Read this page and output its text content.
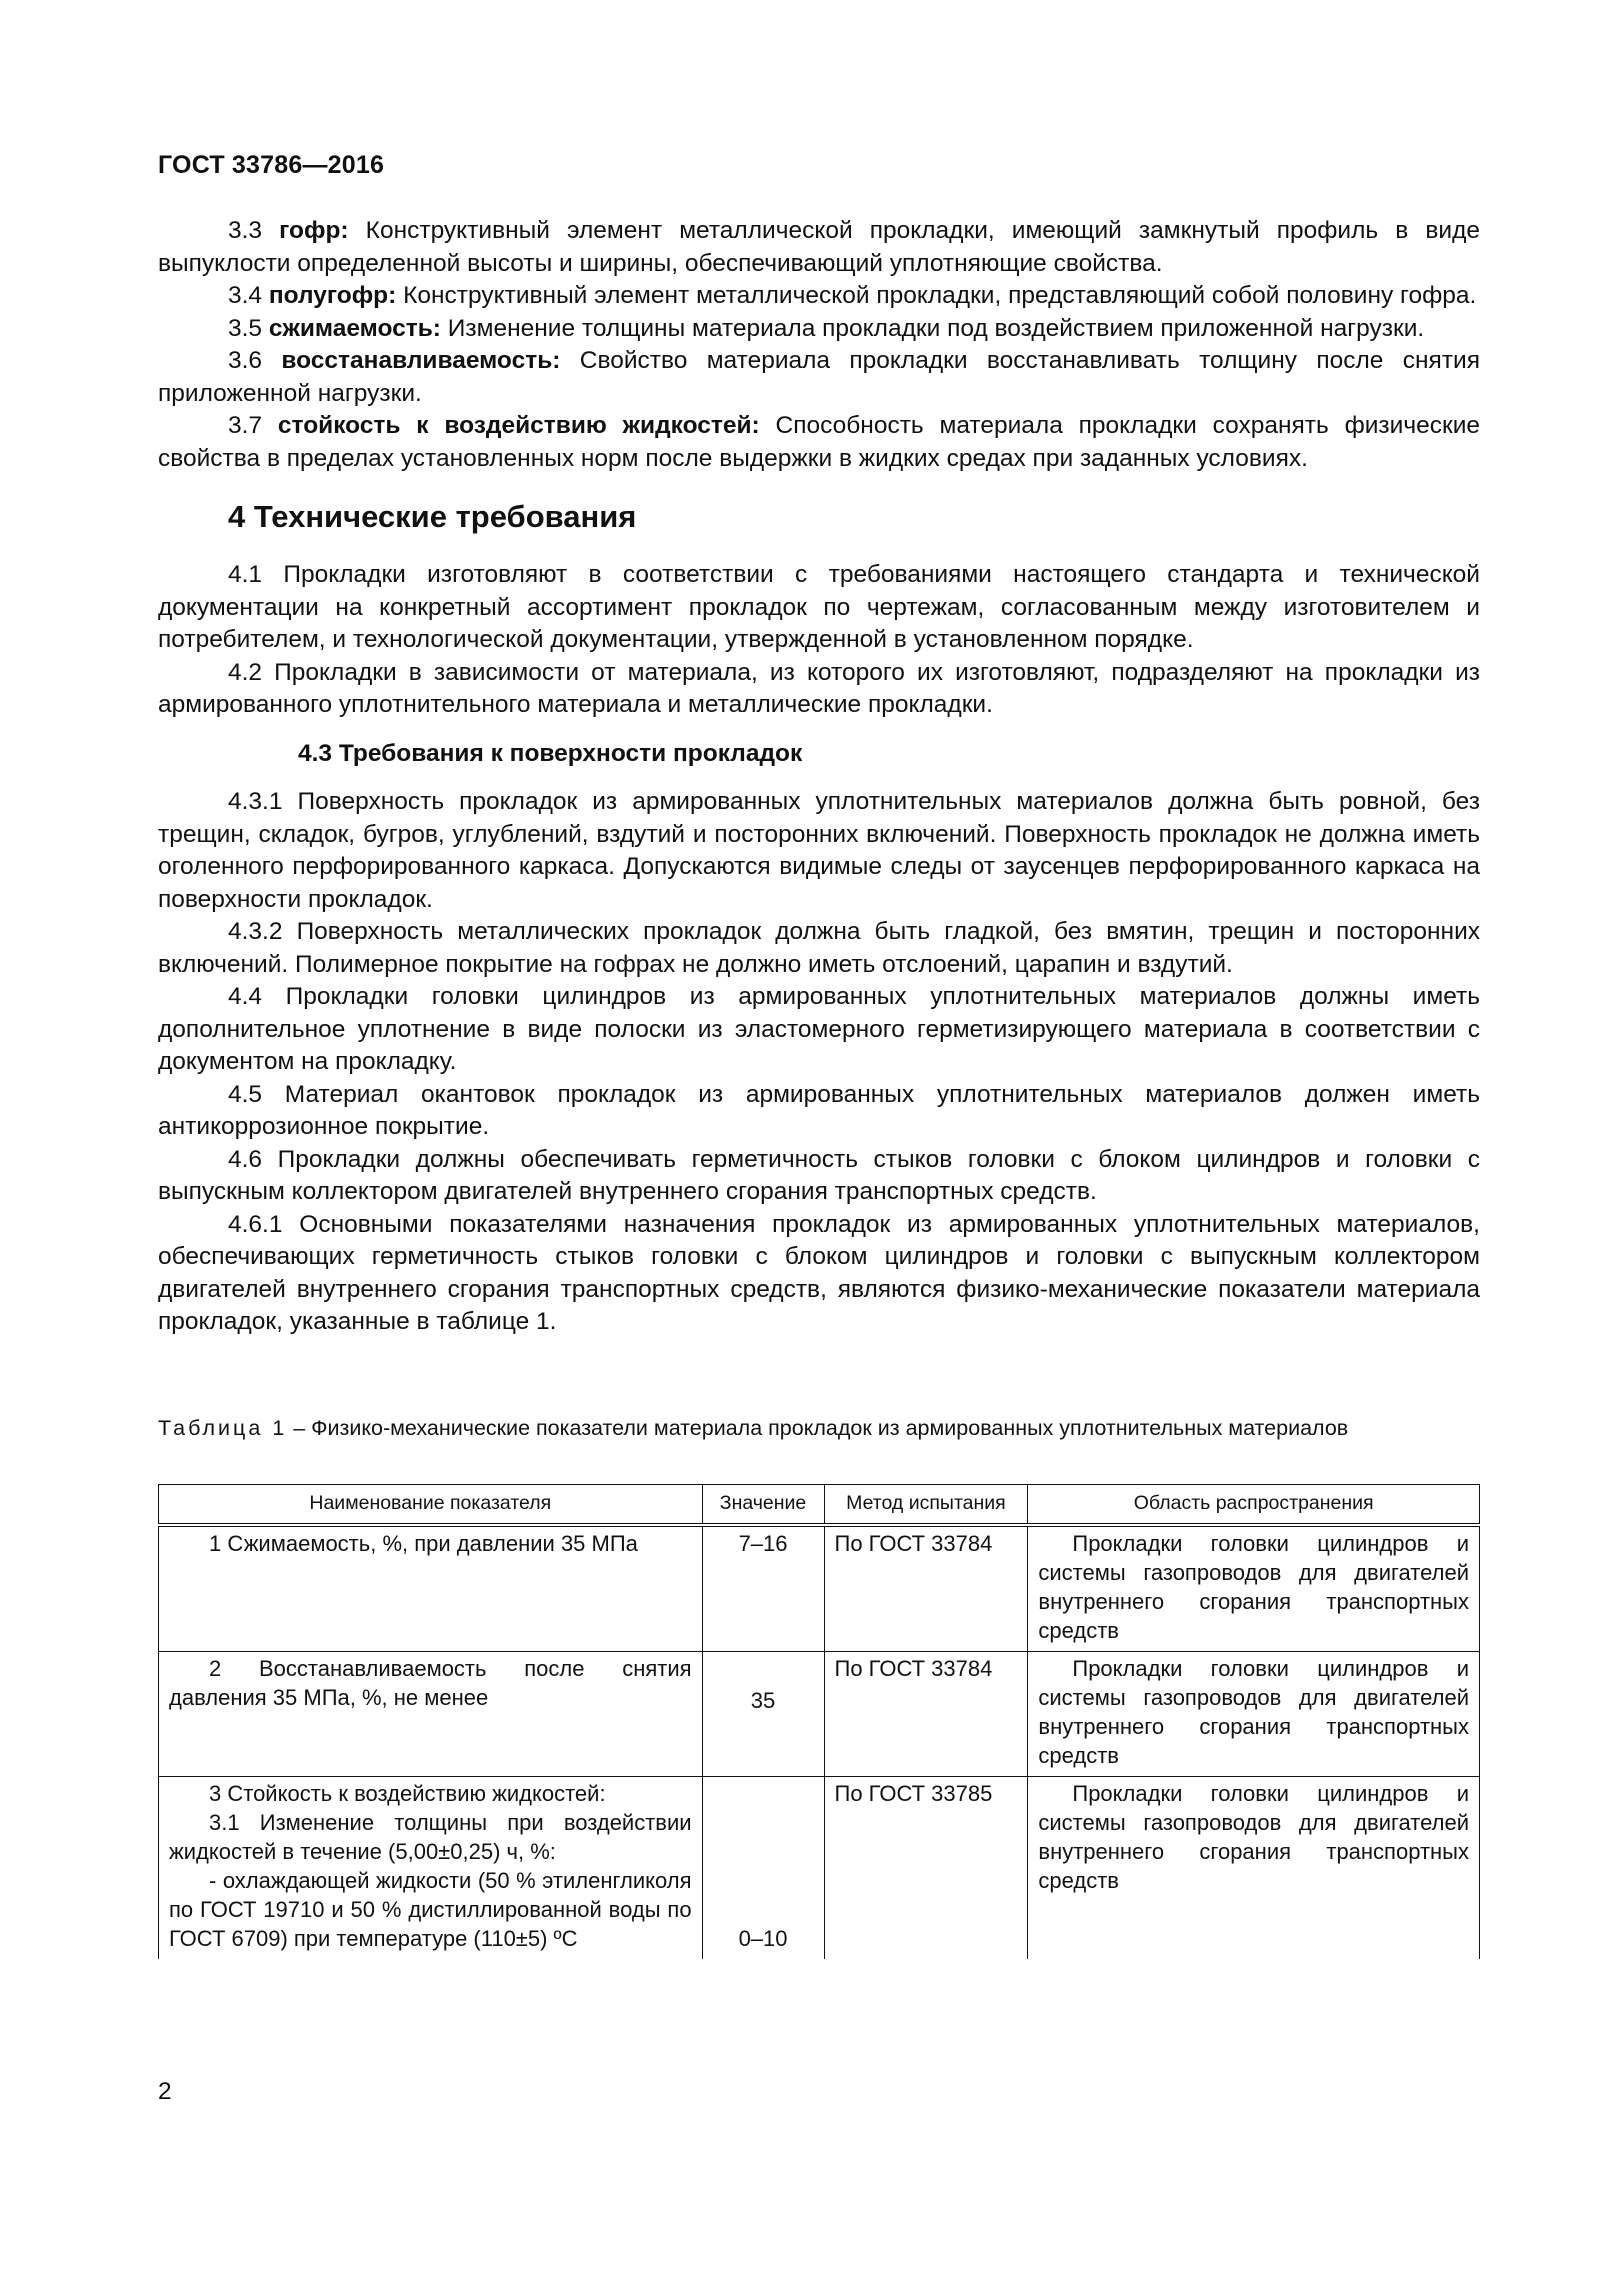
ГОСТ 33786—2016

3.3 гофр: Конструктивный элемент металлической прокладки, имеющий замкнутый профиль в виде выпуклости определенной высоты и ширины, обеспечивающий уплотняющие свойства.

3.4 полугофр: Конструктивный элемент металлической прокладки, представляющий собой половину гофра.

3.5 сжимаемость: Изменение толщины материала прокладки под воздействием приложенной нагрузки.

3.6 восстанавливаемость: Свойство материала прокладки восстанавливать толщину после снятия приложенной нагрузки.

3.7 стойкость к воздействию жидкостей: Способность материала прокладки сохранять физические свойства в пределах установленных норм после выдержки в жидких средах при заданных условиях.

4 Технические требования

4.1 Прокладки изготовляют в соответствии с требованиями настоящего стандарта и технической документации на конкретный ассортимент прокладок по чертежам, согласованным между изготовителем и потребителем, и технологической документации, утвержденной в установленном порядке.

4.2 Прокладки в зависимости от материала, из которого их изготовляют, подразделяют на прокладки из армированного уплотнительного материала и металлические прокладки.

4.3 Требования к поверхности прокладок

4.3.1 Поверхность прокладок из армированных уплотнительных материалов должна быть ровной, без трещин, складок, бугров, углублений, вздутий и посторонних включений. Поверхность прокладок не должна иметь оголенного перфорированного каркаса. Допускаются видимые следы от заусенцев перфорированного каркаса на поверхности прокладок.

4.3.2 Поверхность металлических прокладок должна быть гладкой, без вмятин, трещин и посторонних включений. Полимерное покрытие на гофрах не должно иметь отслоений, царапин и вздутий.

4.4 Прокладки головки цилиндров из армированных уплотнительных материалов должны иметь дополнительное уплотнение в виде полоски из эластомерного герметизирующего материала в соответствии с документом на прокладку.

4.5 Материал окантовок прокладок из армированных уплотнительных материалов должен иметь антикоррозионное покрытие.

4.6 Прокладки должны обеспечивать герметичность стыков головки с блоком цилиндров и головки с выпускным коллектором двигателей внутреннего сгорания транспортных средств.

4.6.1 Основными показателями назначения прокладок из армированных уплотнительных материалов, обеспечивающих герметичность стыков головки с блоком цилиндров и головки с выпускным коллектором двигателей внутреннего сгорания транспортных средств, являются физико-механические показатели материала прокладок, указанные в таблице 1.

Таблица 1 – Физико-механические показатели материала прокладок из армированных уплотнительных материалов
Наименование показателя	Значение	Метод испытания	Область распространения

1 Сжимаемость, %, при давлении 35 МПа	7–16	По ГОСТ 33784	Прокладки головки цилиндров и системы газопроводов для двигателей внутреннего сгорания транспортных средств

2 Восстанавливаемость после снятия давления 35 МПа, %, не менее	35	По ГОСТ 33784	Прокладки головки цилиндров и системы газопроводов для двигателей внутреннего сгорания транспортных средств

3 Стойкость к воздействию жидкостей:
3.1 Изменение толщины при воздействии жидкостей в течение (5,00±0,25) ч, %:
- охлаждающей жидкости (50 % этиленгликоля по ГОСТ 19710 и 50 % дистиллированной воды по ГОСТ 6709) при температуре (110±5) ºС	0–10	По ГОСТ 33785	Прокладки головки цилиндров и системы газопроводов для двигателей внутреннего сгорания транспортных средств
2
